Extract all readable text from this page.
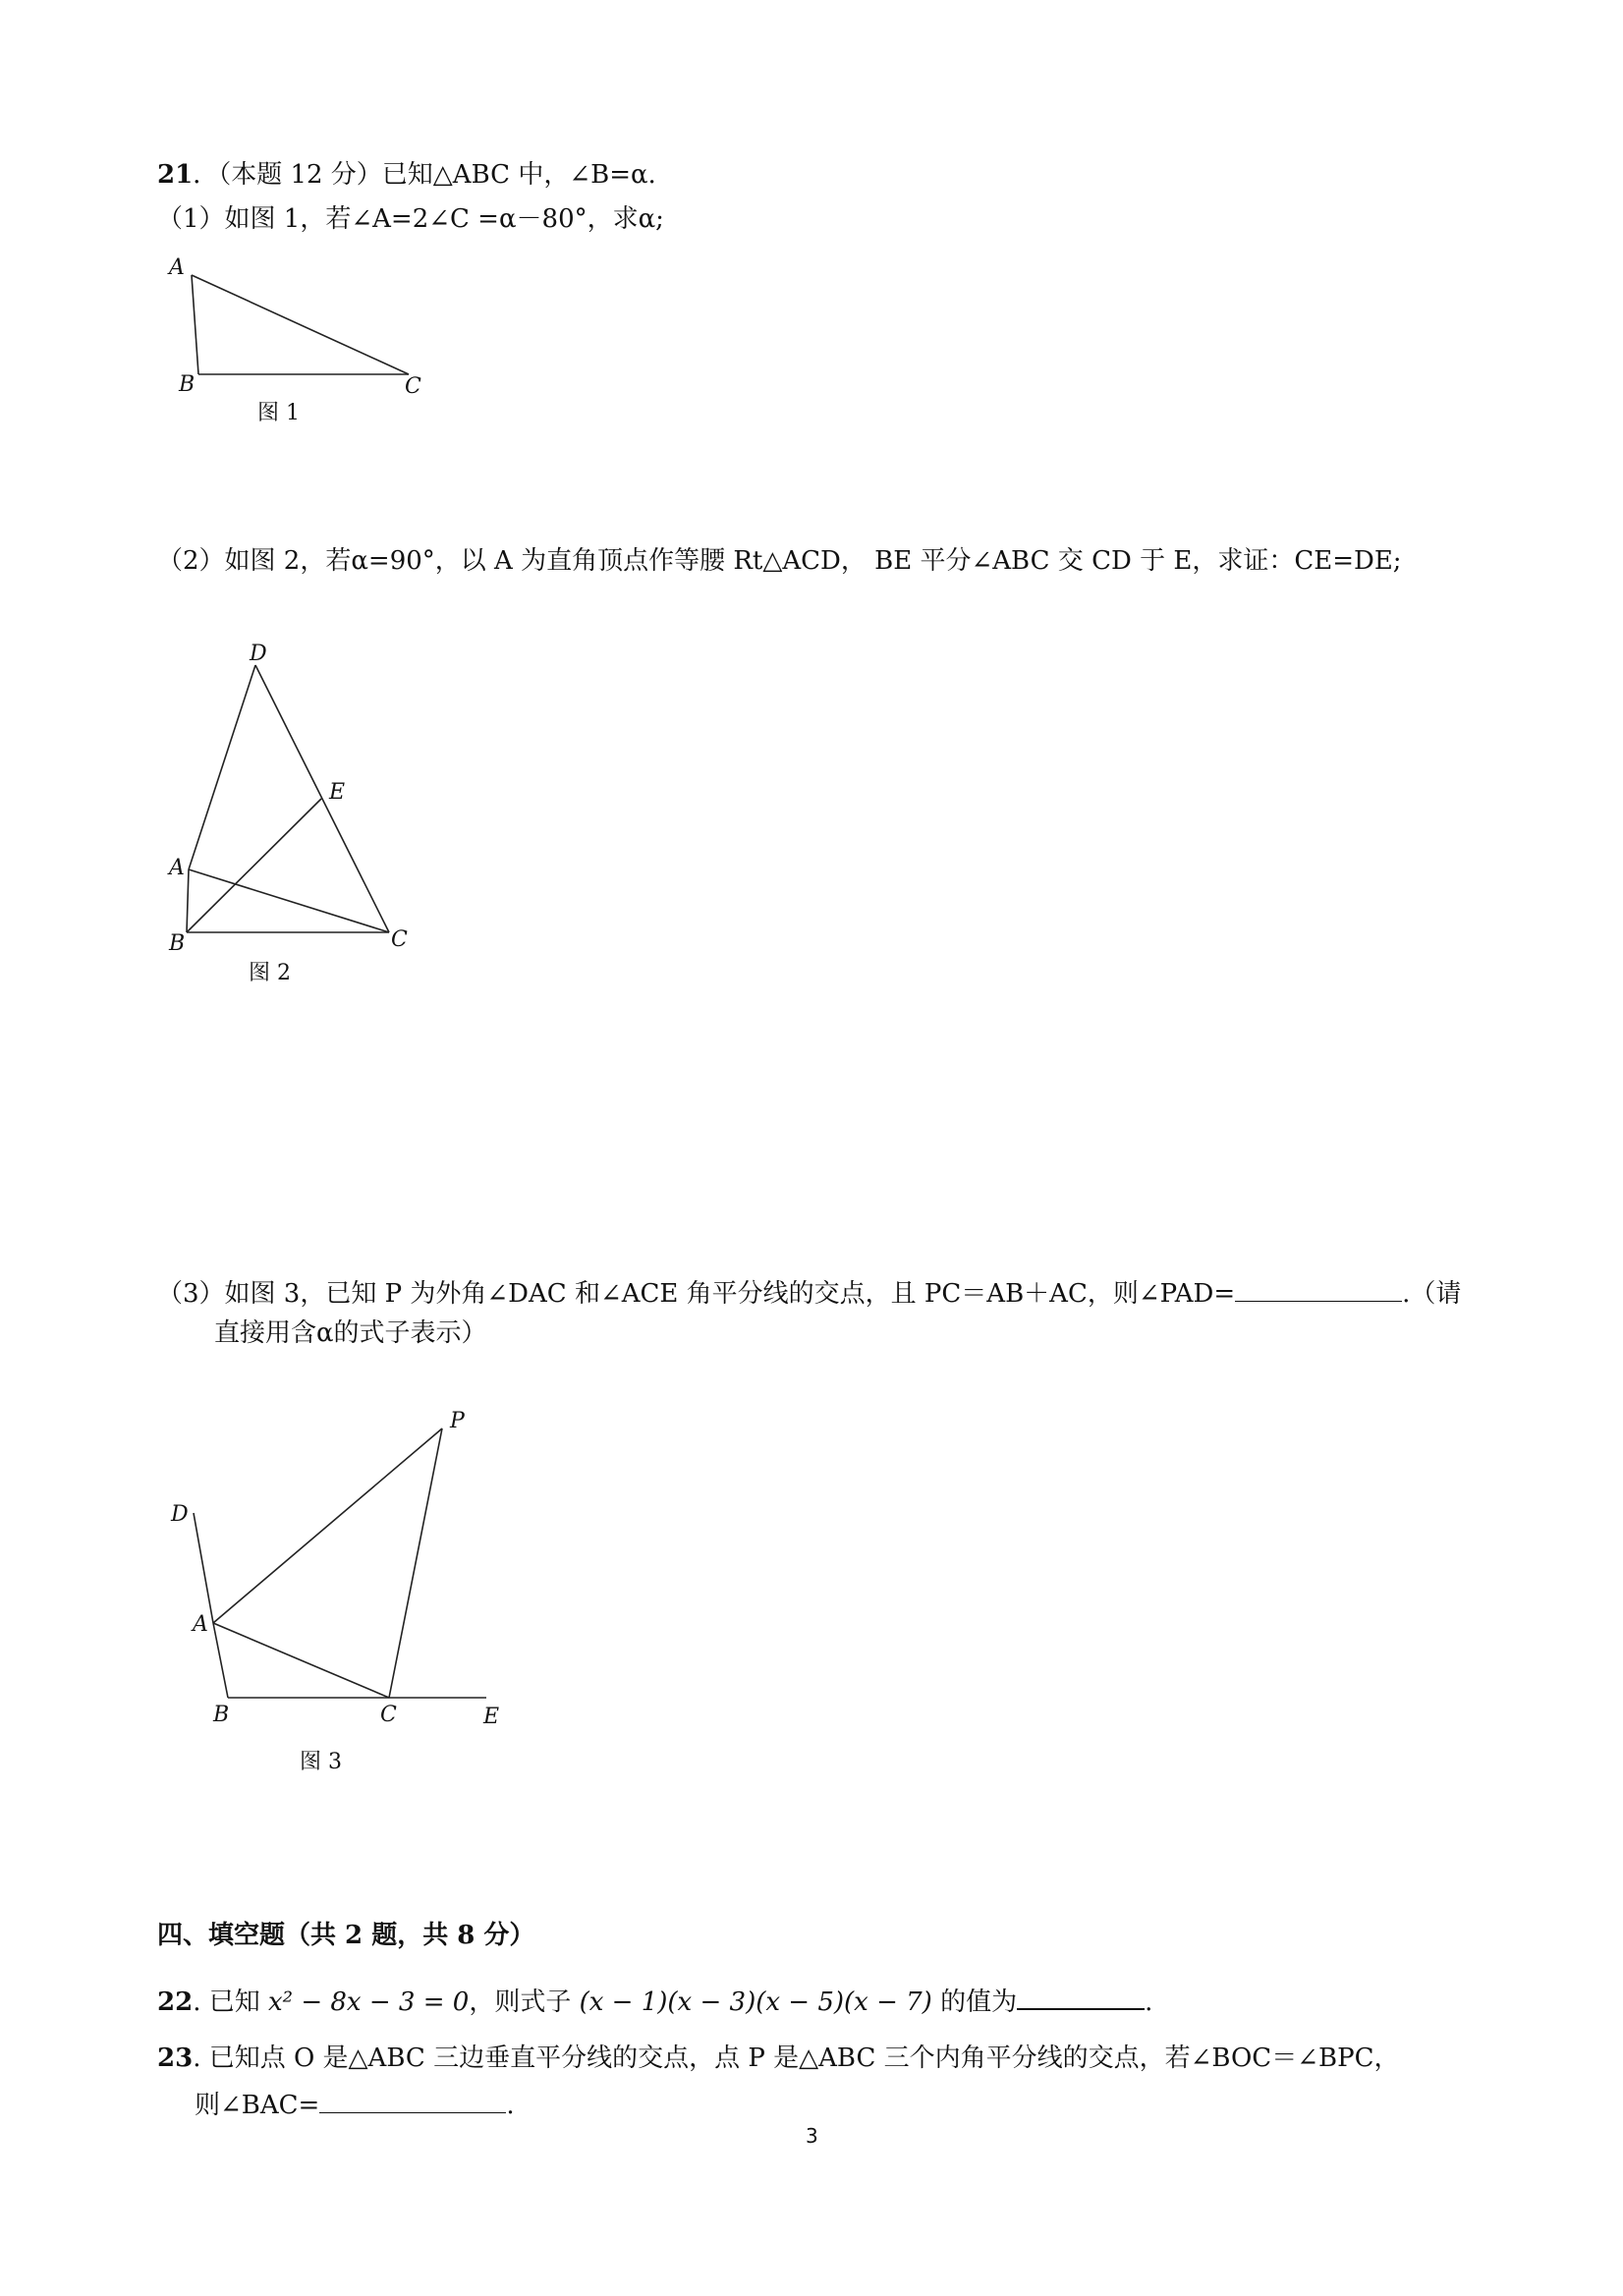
21．（本题 12 分）已知△ABC 中，∠B=α.
（1）如图 1，若∠A=2∠C =α－80°，求α;
A
B	C
图 1
（2）如图 2，若α=90°，以 A 为直角顶点作等腰 Rt△ACD， BE 平分∠ABC 交 CD 于 E，求证：CE=DE;
D
E
A
B	C
图 2
（3）如图 3，已知 P 为外角∠DAC 和∠ACE 角平分线的交点，且 PC＝AB＋AC，则∠PAD=	.（请
直接用含α的式子表示）
P
D
A
B	C	E
图 3
四、填空题（共 2 题，共 8 分）
22. 已知 x² − 8x − 3 = 0，则式子 (x − 1)(x − 3)(x − 5)(x − 7) 的值为	.
23. 已知点 O 是△ABC 三边垂直平分线的交点，点 P 是△ABC 三个内角平分线的交点，若∠BOC＝∠BPC，
则∠BAC=	.
3
